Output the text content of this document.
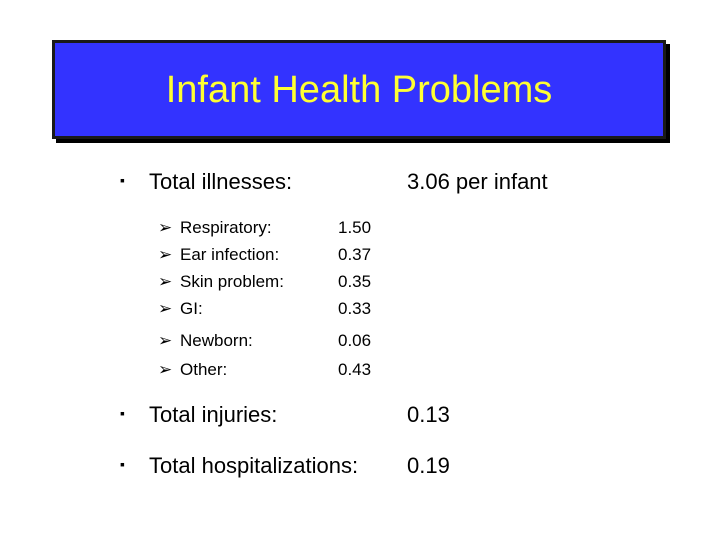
Infant Health Problems
▪ Total illnesses:	3.06 per infant
➢ Respiratory:	1.50
➢ Ear infection:	0.37
➢ Skin problem:	0.35
➢ GI:	0.33
➢ Newborn:	0.06
➢ Other:	0.43
▪ Total injuries:	0.13
▪ Total hospitalizations: 0.19
